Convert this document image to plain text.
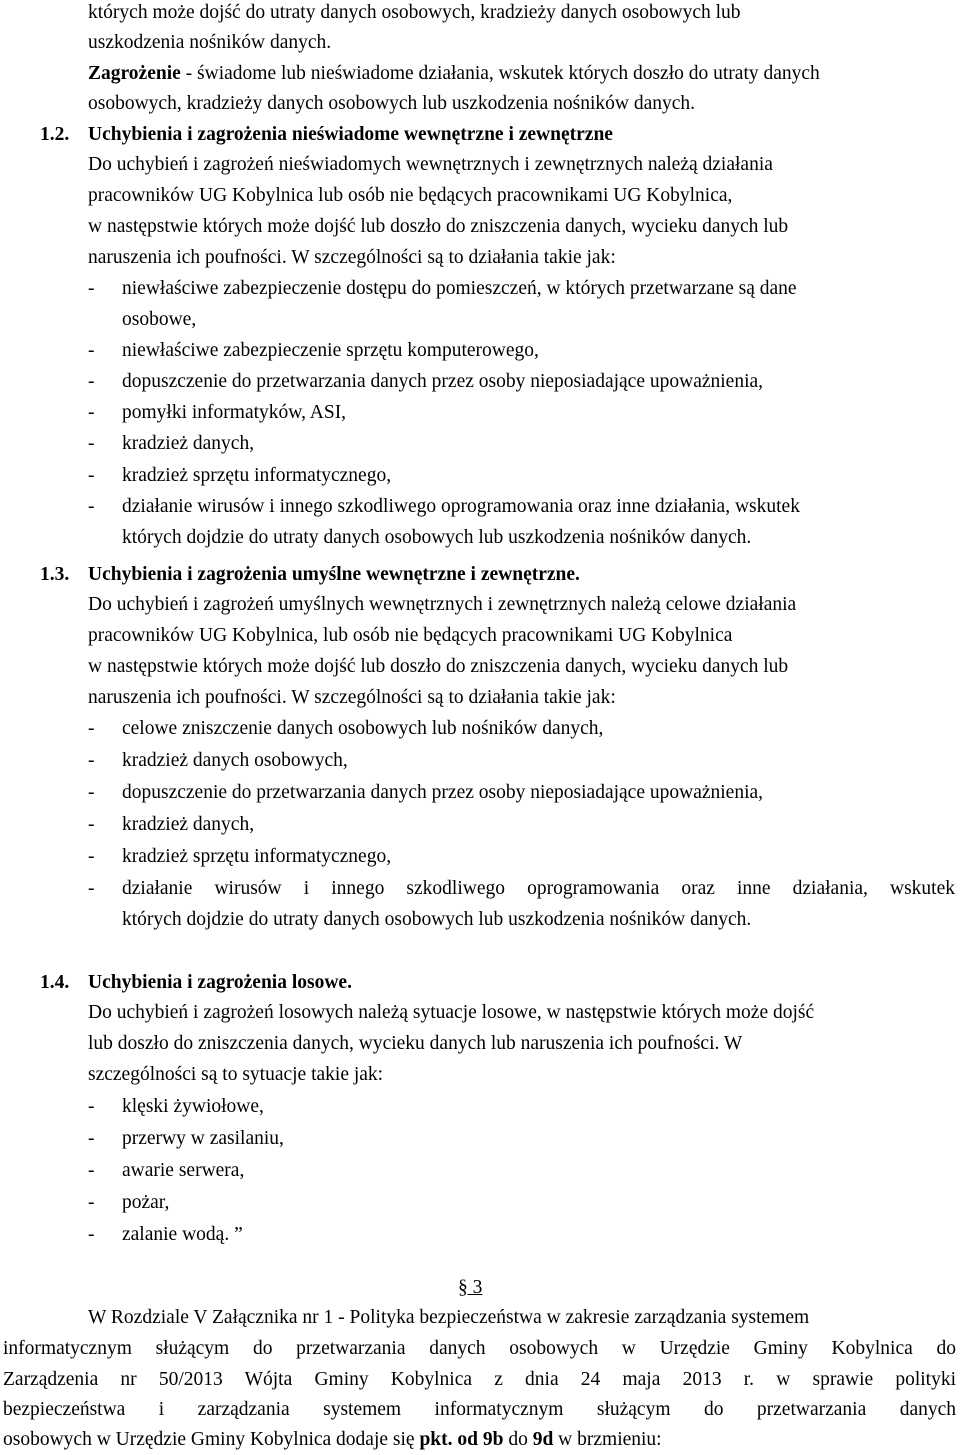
których może dojść do utraty danych osobowych, kradzieży danych osobowych lub
uszkodzenia nośników danych.
Zagrożenie - świadome lub nieświadome działania, wskutek których doszło do utraty danych
osobowych, kradzieży danych osobowych lub uszkodzenia nośników danych.
1.2. Uchybienia i zagrożenia nieświadome wewnętrzne i zewnętrzne
Do uchybień i zagrożeń nieświadomych wewnętrznych i zewnętrznych należą działania
pracowników UG Kobylnica lub osób nie będących pracownikami UG Kobylnica,
w następstwie których może dojść lub doszło do zniszczenia danych, wycieku danych lub
naruszenia ich poufności. W szczególności są to działania takie jak:
- niewłaściwe zabezpieczenie dostępu do pomieszczeń, w których przetwarzane są dane
osobowe,
- niewłaściwe zabezpieczenie sprzętu komputerowego,
- dopuszczenie do przetwarzania danych przez osoby nieposiadające upoważnienia,
- pomyłki informatyków, ASI,
- kradzież danych,
- kradzież sprzętu informatycznego,
- działanie wirusów i innego szkodliwego oprogramowania oraz inne działania, wskutek
których dojdzie do utraty danych osobowych lub uszkodzenia nośników danych.
1.3. Uchybienia i zagrożenia umyślne wewnętrzne i zewnętrzne.
Do uchybień i zagrożeń umyślnych wewnętrznych i zewnętrznych należą celowe działania
pracowników UG Kobylnica, lub osób nie będących pracownikami UG Kobylnica
w następstwie których może dojść lub doszło do zniszczenia danych, wycieku danych lub
naruszenia ich poufności. W szczególności są to działania takie jak:
- celowe zniszczenie danych osobowych lub nośników danych,
- kradzież danych osobowych,
- dopuszczenie do przetwarzania danych przez osoby nieposiadające upoważnienia,
- kradzież danych,
- kradzież sprzętu informatycznego,
- działanie wirusów i innego szkodliwego oprogramowania oraz inne działania, wskutek
których dojdzie do utraty danych osobowych lub uszkodzenia nośników danych.
1.4. Uchybienia i zagrożenia losowe.
Do uchybień i zagrożeń losowych należą sytuacje losowe, w następstwie których może dojść
lub doszło do zniszczenia danych, wycieku danych lub naruszenia ich poufności. W
szczególności są to sytuacje takie jak:
- klęski żywiołowe,
- przerwy w zasilaniu,
- awarie serwera,
- pożar,
- zalanie wodą. ”
§ 3
W Rozdziale V Załącznika nr 1 - Polityka bezpieczeństwa w zakresie zarządzania systemem
informatycznym służącym do przetwarzania danych osobowych w Urzędzie Gminy Kobylnica do
Zarządzenia nr 50/2013 Wójta Gminy Kobylnica z dnia 24 maja 2013 r. w sprawie polityki
bezpieczeństwa i zarządzania systemem informatycznym służącym do przetwarzania danych
osobowych w Urzędzie Gminy Kobylnica dodaje się pkt. od 9b do 9d w brzmieniu:
